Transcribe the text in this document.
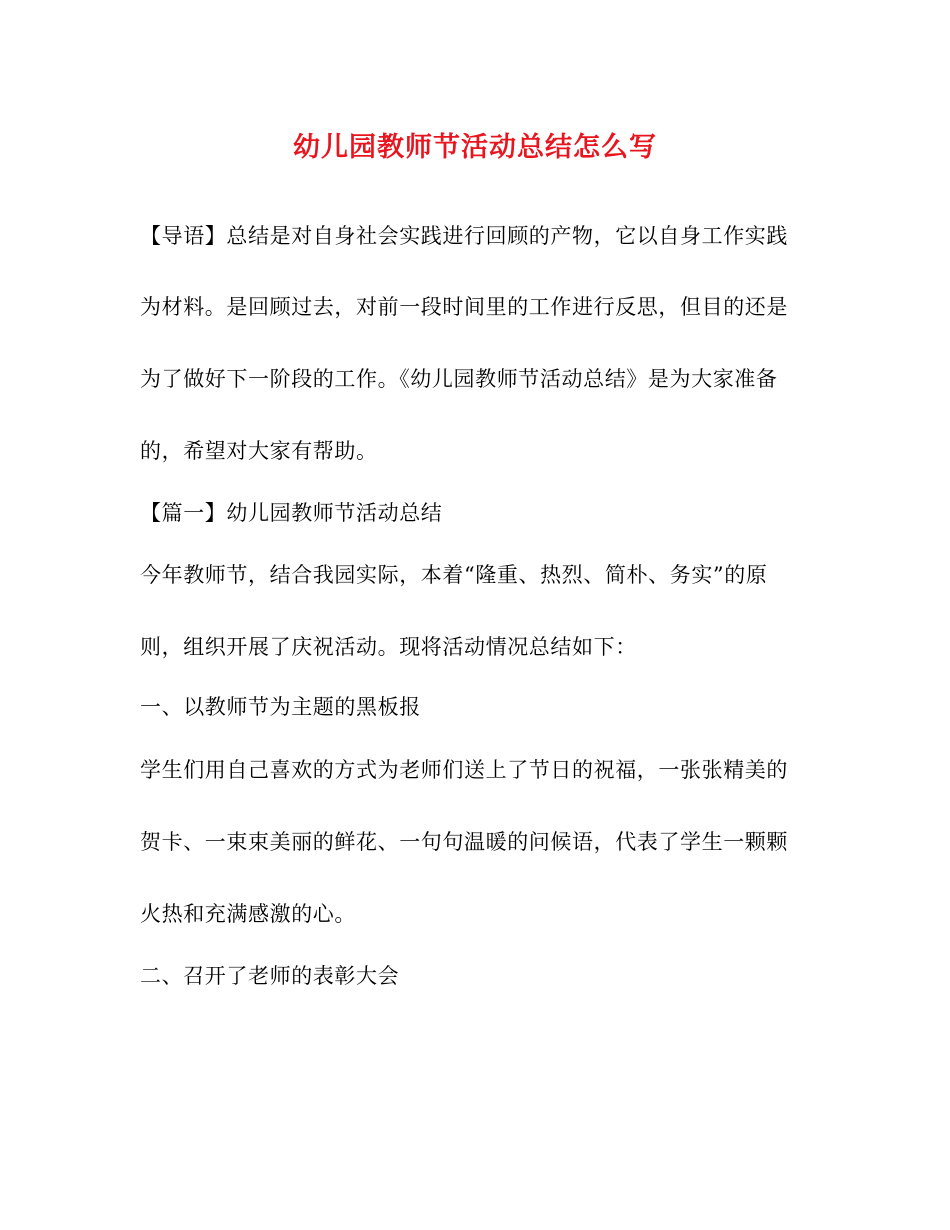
幼儿园教师节活动总结怎么写
【导语】总结是对自身社会实践进行回顾的产物，它以自身工作实践
为材料。是回顾过去，对前一段时间里的工作进行反思，但目的还是
为了做好下一阶段的工作。《幼儿园教师节活动总结》是为大家准备
的，希望对大家有帮助。
【篇一】幼儿园教师节活动总结
今年教师节，结合我园实际，本着“隆重、热烈、简朴、务实”的原
则，组织开展了庆祝活动。现将活动情况总结如下：
一、以教师节为主题的黑板报
学生们用自己喜欢的方式为老师们送上了节日的祝福，一张张精美的
贺卡、一束束美丽的鲜花、一句句温暖的问候语，代表了学生一颗颗
火热和充满感激的心。
二、召开了老师的表彰大会
